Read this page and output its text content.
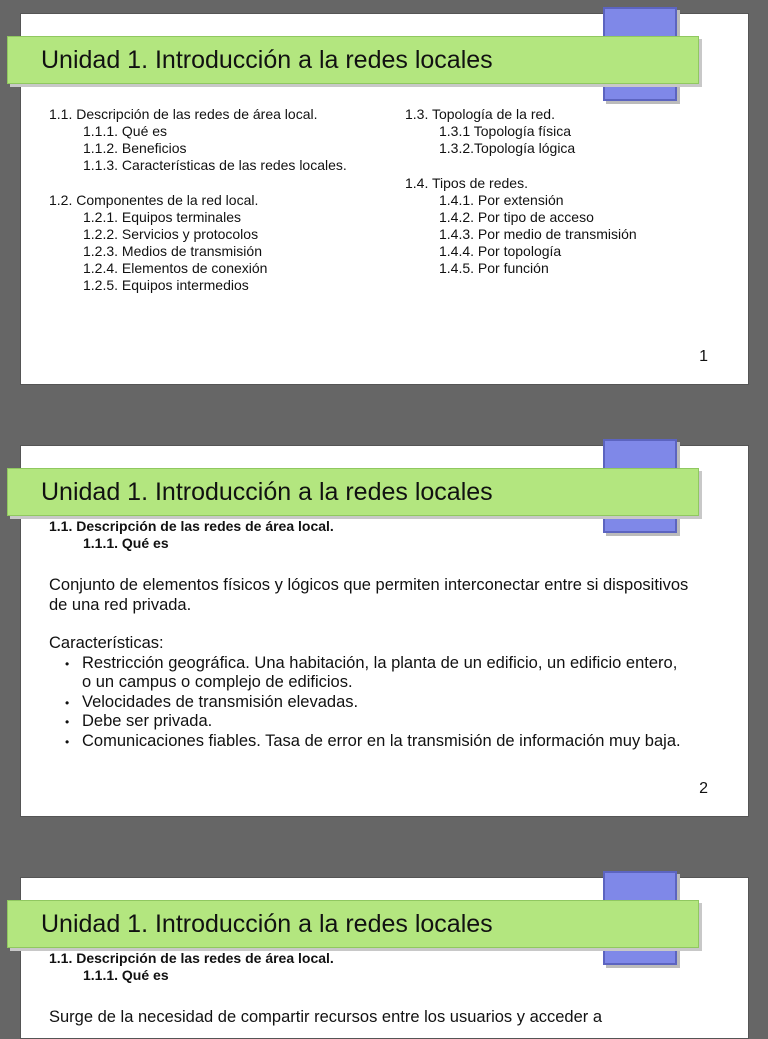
Unidad 1. Introducción a la redes locales
1.1. Descripción de las redes de área local.
1.1.1. Qué es
1.1.2. Beneficios
1.1.3. Características de las redes locales.
1.2. Componentes de la red local.
1.2.1. Equipos terminales
1.2.2. Servicios y protocolos
1.2.3. Medios de transmisión
1.2.4. Elementos de conexión
1.2.5. Equipos intermedios
1.3. Topología de la red.
1.3.1 Topología física
1.3.2.Topología lógica
1.4. Tipos de redes.
1.4.1. Por extensión
1.4.2. Por tipo de acceso
1.4.3. Por medio de transmisión
1.4.4. Por topología
1.4.5. Por función
1
Unidad 1. Introducción a la redes locales
1.1. Descripción de las redes de área local.
1.1.1. Qué es

Conjunto de elementos físicos y lógicos que permiten interconectar entre si dispositivos de una red privada.

Características:

• Restricción geográfica. Una habitación, la planta de un edificio, un edificio entero, o un campus o complejo de edificios.
• Velocidades de transmisión elevadas.
• Debe ser privada.
• Comunicaciones fiables. Tasa de error en la transmisión de información muy baja.
2
Unidad 1. Introducción a la redes locales
1.1. Descripción de las redes de área local.
1.1.1. Qué es

Surge de la necesidad de compartir recursos entre los usuarios y acceder a
